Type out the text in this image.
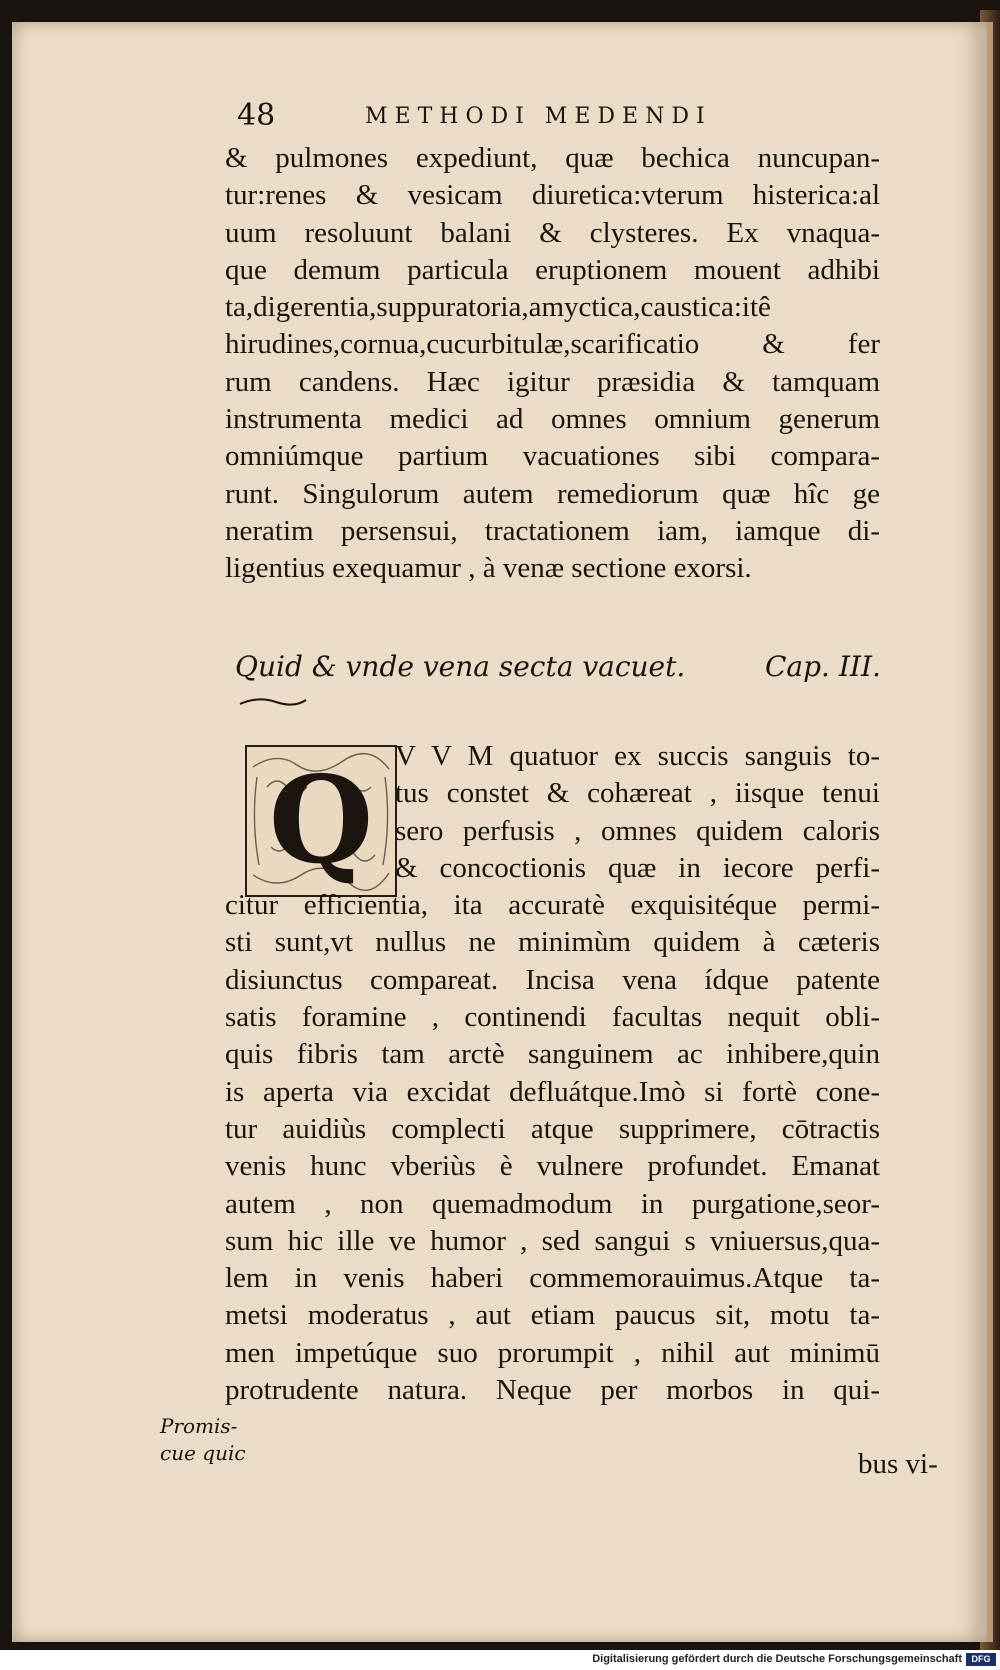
48	METHODI MEDENDI
& pulmones expediunt, quæ bechica nuncupan-
tur:renes & vesicam diuretica:vterum histerica:al
uum resoluunt balani & clysteres. Ex vnaqua-
que demum particula eruptionem mouent adhibi
ta,digerentia,suppuratoria,amyctica,caustica:itê
hirudines,cornua,cucurbitulæ,scarificatio & fer
rum candens. Hæc igitur præsidia & tamquam
instrumenta medici ad omnes omnium generum
omniúmque partium vacuationes sibi compara-
runt. Singulorum autem remediorum quæ hîc ge
neratim persensui, tractationem iam, iamque di-
ligentius exequamur , à venæ sectione exorsi.
Quid & vnde vena secta vacuet.	Cap. III.
Q V V M quatuor ex succis sanguis to-
tus constet & cohæreat , iisque tenui
sero perfusis , omnes quidem caloris
& concoctionis quæ in iecore perfi-
citur efficientia, ita accuratè exquisitéque permi-
sti sunt,vt nullus ne minimùm quidem à cæteris
disiunctus compareat. Incisa vena ídque patente
satis foramine , continendi facultas nequit obli-
quis fibris tam arctè sanguinem ac inhibere,quin
is aperta via excidat defluátque.Imò si fortè cone-
tur auidiùs complecti atque supprimere, cōtractis
venis hunc vberiùs è vulnere profundet. Emanat
autem , non quemadmodum in purgatione,seor-
sum hic ille ve humor , sed sangui s vniuersus,qua-
lem in venis haberi commemorauimus.Atque ta-
metsi moderatus , aut etiam paucus sit, motu ta-
men impetúque suo prorumpit , nihil aut minimū
protrudente natura. Neque per morbos in qui-
Promis-
cue quic	bus vi-
Digitalisierung gefördert durch die Deutsche Forschungsgemeinschaft	DFG
